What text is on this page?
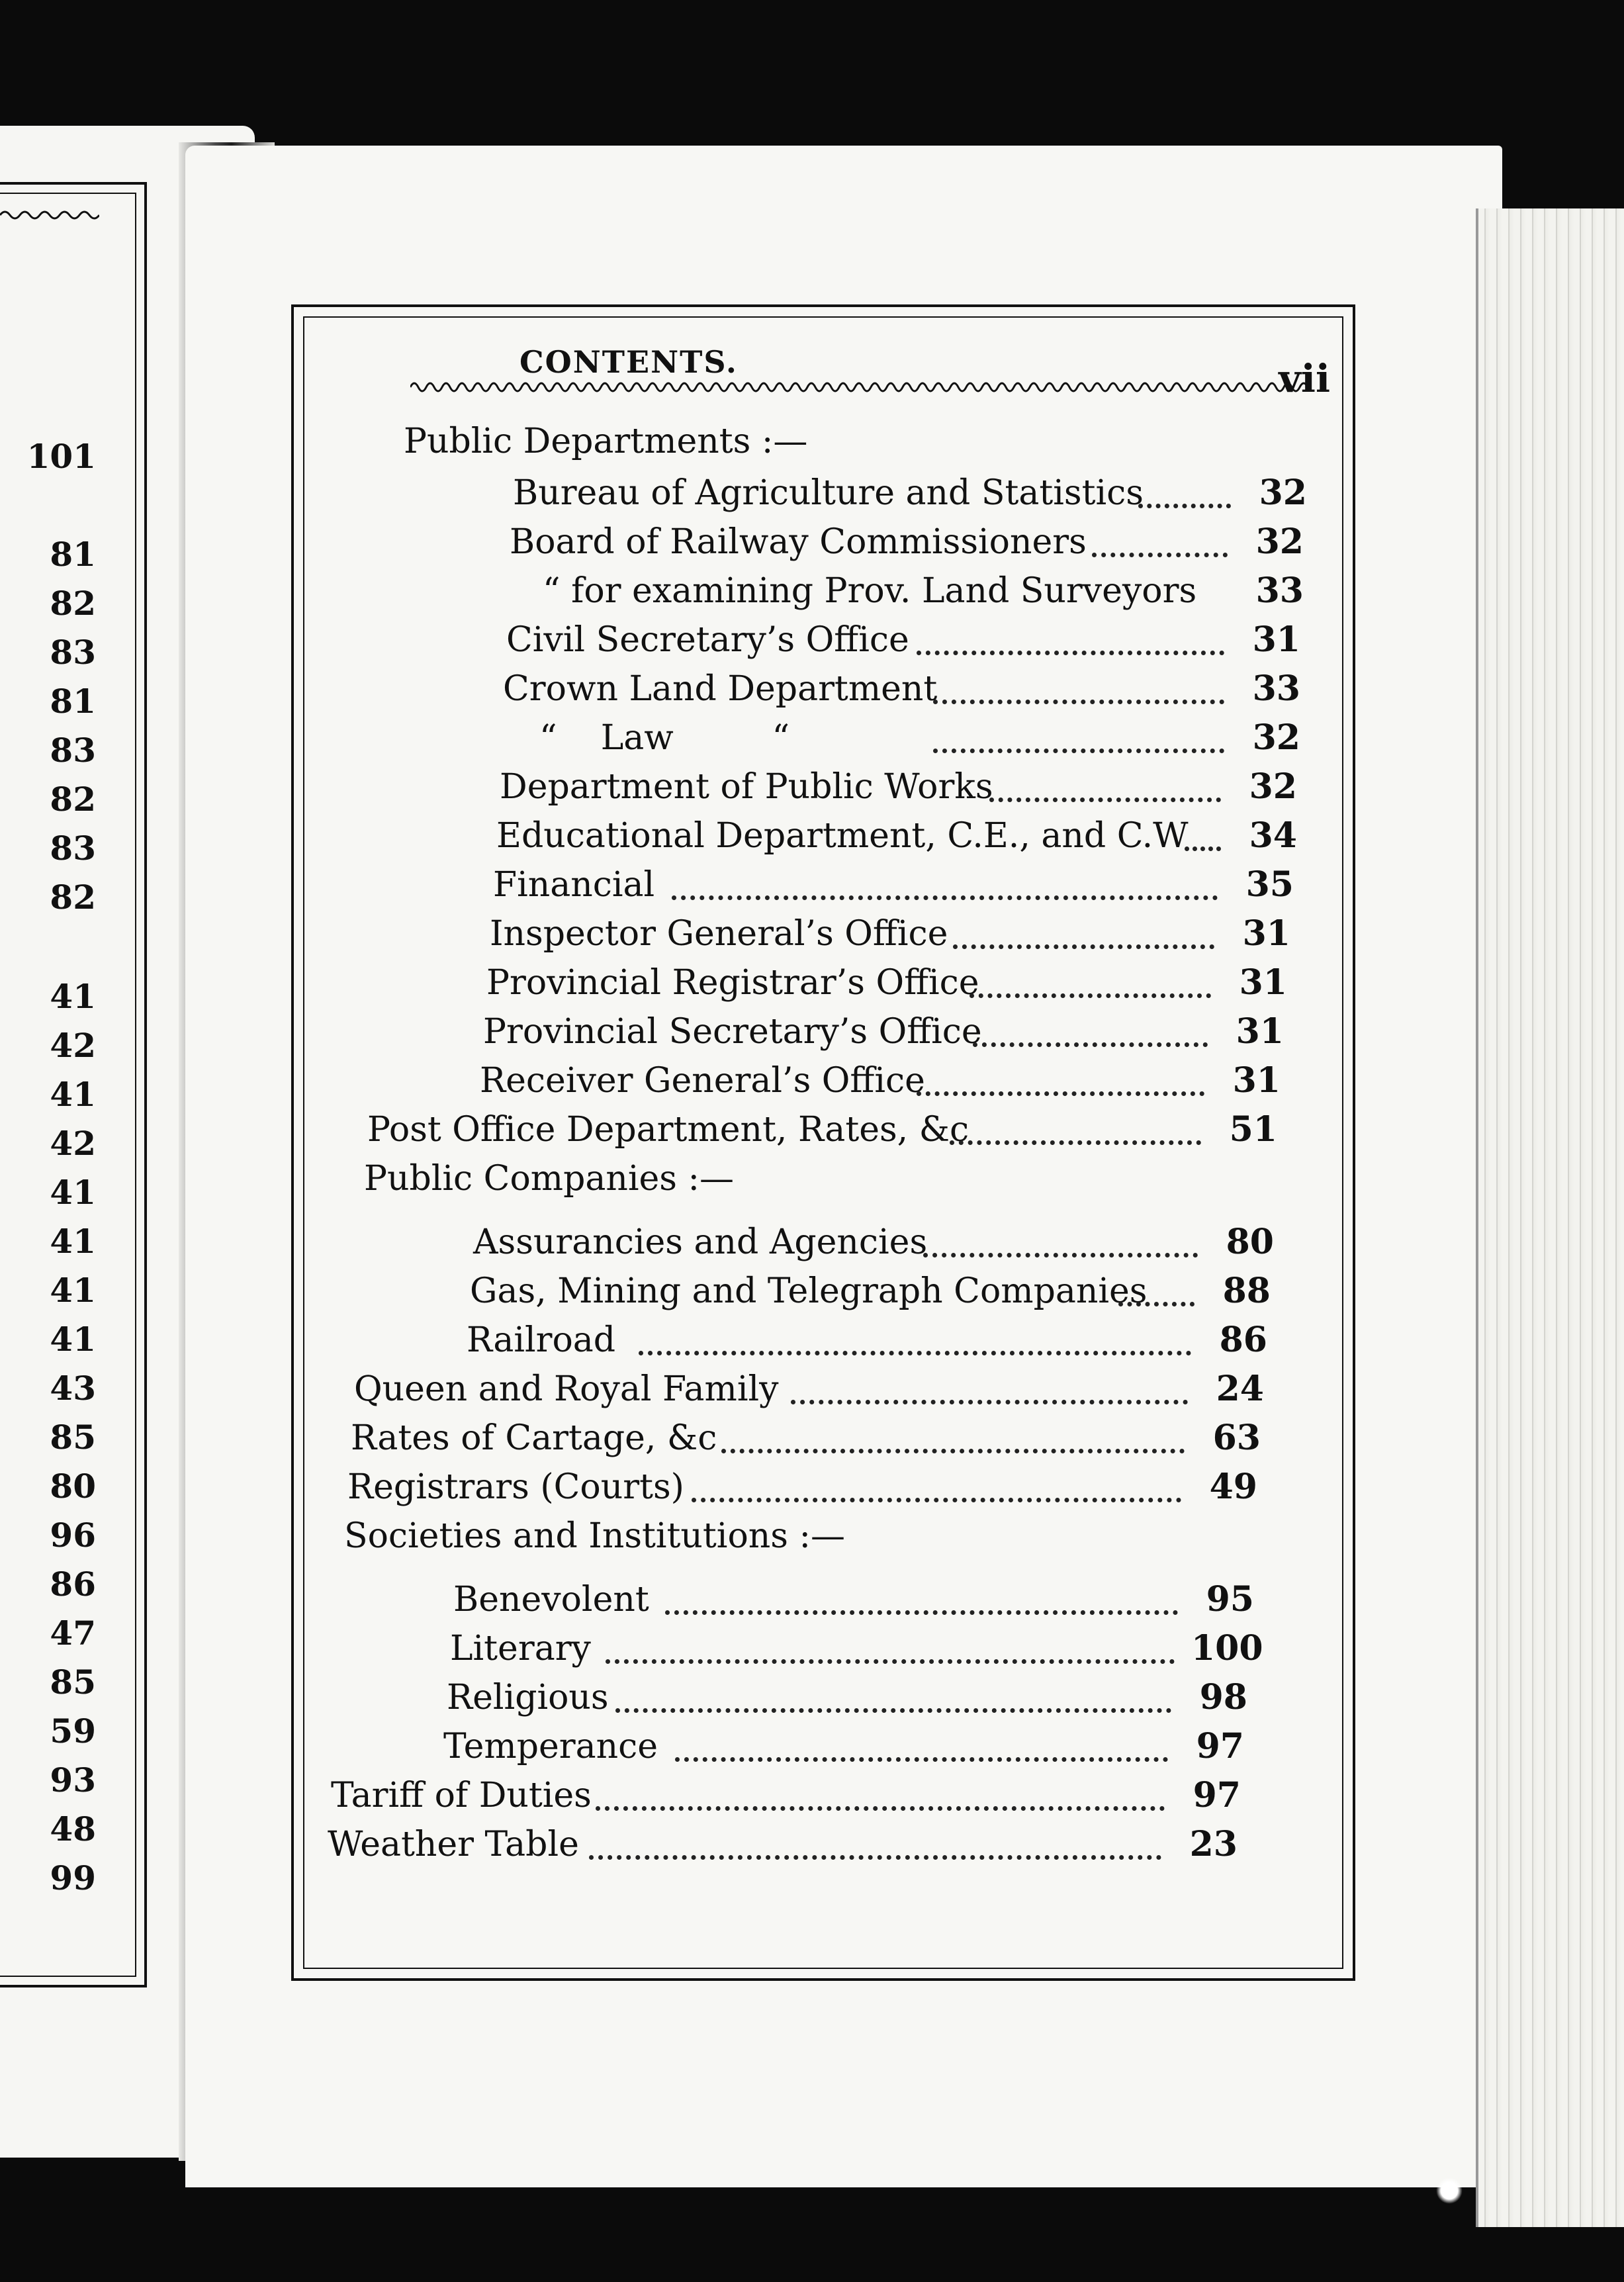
101
81
82
83
81
83
82
83
82
41
42
41
42
41
41
41
41
43
85
80
96
86
47
85
59
93
48
99
CONTENTS.	vii
Public Departments :—
Bureau of Agriculture and Statistics	32
Board of Railway Commissioners	32
“ for examining Prov. Land Surveyors	33
Civil Secretary’s Office	31
Crown Land Department	33
“    Law         “	32
Department of Public Works	32
Educational Department, C.E., and C.W	34
Financial	35
Inspector General’s Office	31
Provincial Registrar’s Office	31
Provincial Secretary’s Office	31
Receiver General’s Office	31
Post Office Department, Rates, &c	51
Public Companies :—
Assurancies and Agencies	80
Gas, Mining and Telegraph Companies	88
Railroad	86
Queen and Royal Family	24
Rates of Cartage, &c	63
Registrars (Courts)	49
Societies and Institutions :—
Benevolent	95
Literary	100
Religious	98
Temperance	97
Tariff of Duties	97
Weather Table	23
